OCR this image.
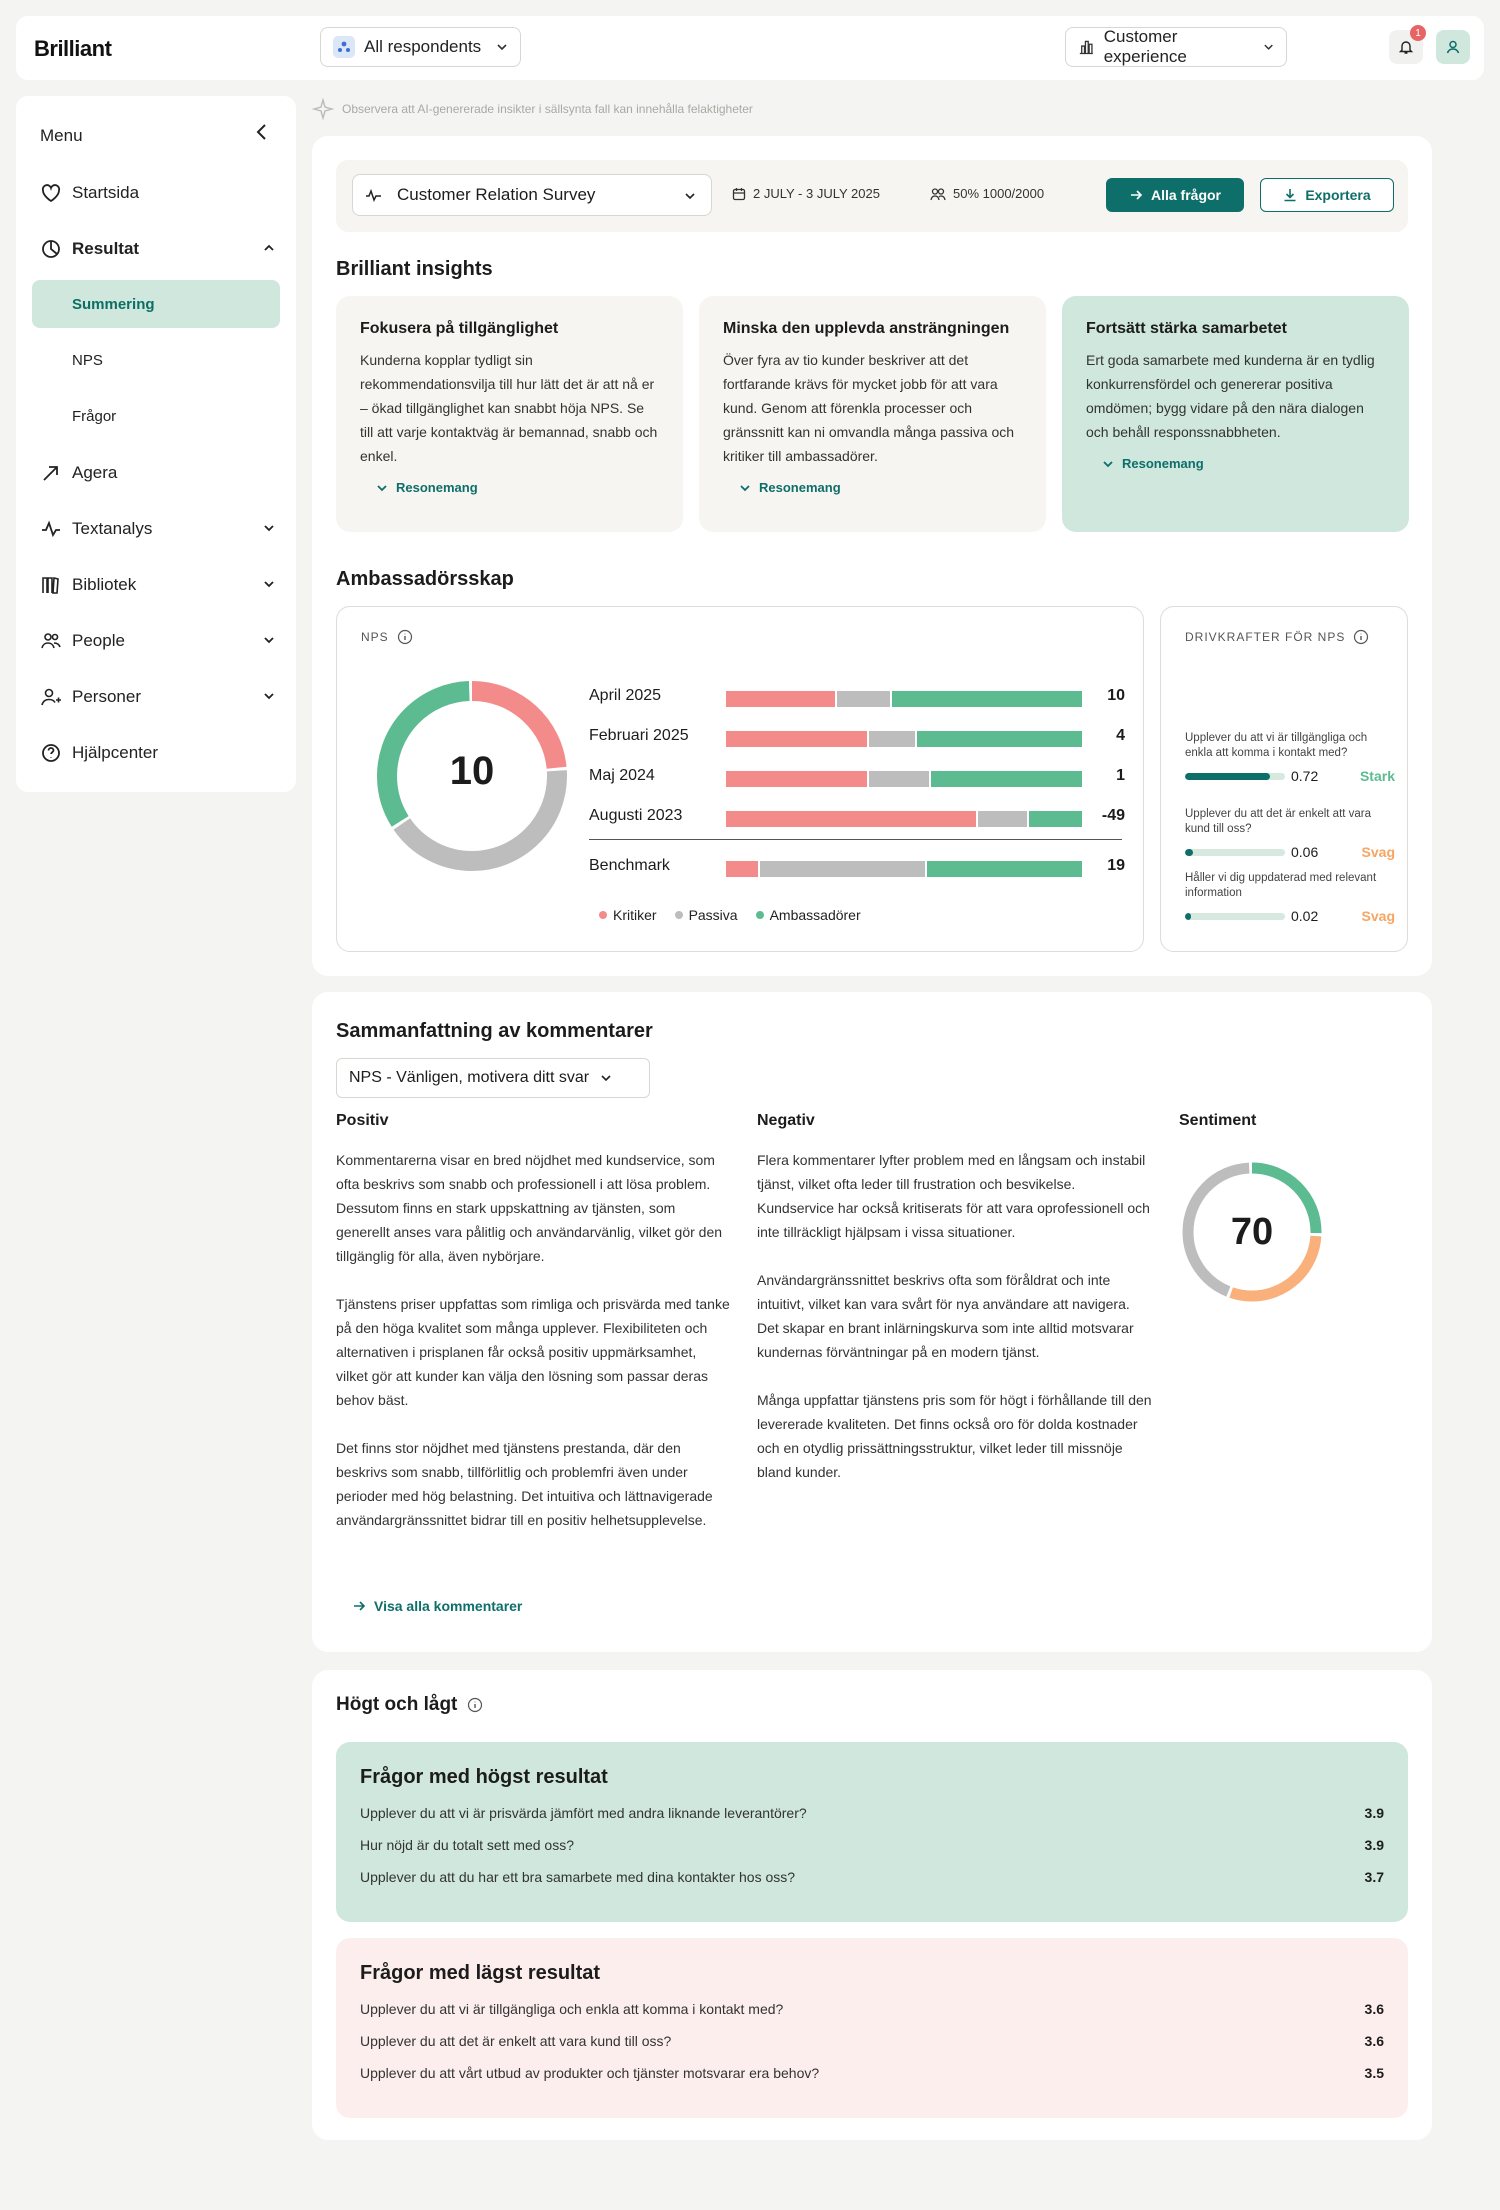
Brilliant	All respondents
Customer experience
1
Menu
Startsida
Resultat
Summering
NPS
Frågor
Agera
Textanalys
Bibliotek
People
Personer
Hjälpcenter
Observera att AI-genererade insikter i sällsynta fall kan innehålla felaktigheter
Customer Relation Survey	2 JULY - 3 JULY 2025	50% 1000/2000	Alla frågor	Exportera
Brilliant insights
Fokusera på tillgänglighet

Kunderna kopplar tydligt sin rekommendationsvilja till hur lätt det är att nå er – ökad tillgänglighet kan snabbt höja NPS. Se till att varje kontaktväg är bemannad, snabb och enkel.

Resonemang
Minska den upplevda ansträngningen

Över fyra av tio kunder beskriver att det fortfarande krävs för mycket jobb för att vara kund. Genom att förenkla processer och gränssnitt kan ni omvandla många passiva och kritiker till ambassadörer.

Resonemang
Fortsätt stärka samarbetet

Ert goda samarbete med kunderna är en tydlig konkurrensfördel och genererar positiva omdömen; bygg vidare på den nära dialogen och behåll responssnabbheten.

Resonemang
Ambassadörsskap
NPS
10
April 2025	10
Februari 2025	4
Maj 2024	1
Augusti 2023	-49
Benchmark	19
Kritiker Passiva Ambassadörer
DRIVKRAFTER FÖR NPS
Upplever du att vi är tillgängliga och enkla att komma i kontakt med?
0.72	Stark
Upplever du att det är enkelt att vara kund till oss?
0.06	Svag
Håller vi dig uppdaterad med relevant information
0.02	Svag
Sammanfattning av kommentarer
NPS - Vänligen, motivera ditt svar
Positiv

Kommentarerna visar en bred nöjdhet med kundservice, som ofta beskrivs som snabb och professionell i att lösa problem. Dessutom finns en stark uppskattning av tjänsten, som generellt anses vara pålitlig och användarvänlig, vilket gör den tillgänglig för alla, även nybörjare.

Tjänstens priser uppfattas som rimliga och prisvärda med tanke på den höga kvalitet som många upplever. Flexibiliteten och alternativen i prisplanen får också positiv uppmärksamhet, vilket gör att kunder kan välja den lösning som passar deras behov bäst.

Det finns stor nöjdhet med tjänstens prestanda, där den beskrivs som snabb, tillförlitlig och problemfri även under perioder med hög belastning. Det intuitiva och lättnavigerade användargränssnittet bidrar till en positiv helhetsupplevelse.

Negativ

Flera kommentarer lyfter problem med en långsam och instabil tjänst, vilket ofta leder till frustration och besvikelse. Kundservice har också kritiserats för att vara oprofessionell och inte tillräckligt hjälpsam i vissa situationer.

Användargränssnittet beskrivs ofta som föråldrat och inte intuitivt, vilket kan vara svårt för nya användare att navigera. Det skapar en brant inlärningskurva som inte alltid motsvarar kundernas förväntningar på en modern tjänst.

Många uppfattar tjänstens pris som för högt i förhållande till den levererade kvaliteten. Det finns också oro för dolda kostnader och en otydlig prissättningsstruktur, vilket leder till missnöje bland kunder.

Sentiment
70
Visa alla kommentarer
Högt och lågt
Frågor med högst resultat
Upplever du att vi är prisvärda jämfört med andra liknande leverantörer?	3.9
Hur nöjd är du totalt sett med oss?	3.9
Upplever du att du har ett bra samarbete med dina kontakter hos oss?	3.7
Frågor med lägst resultat
Upplever du att vi är tillgängliga och enkla att komma i kontakt med?	3.6
Upplever du att det är enkelt att vara kund till oss?	3.6
Upplever du att vårt utbud av produkter och tjänster motsvarar era behov?	3.5
